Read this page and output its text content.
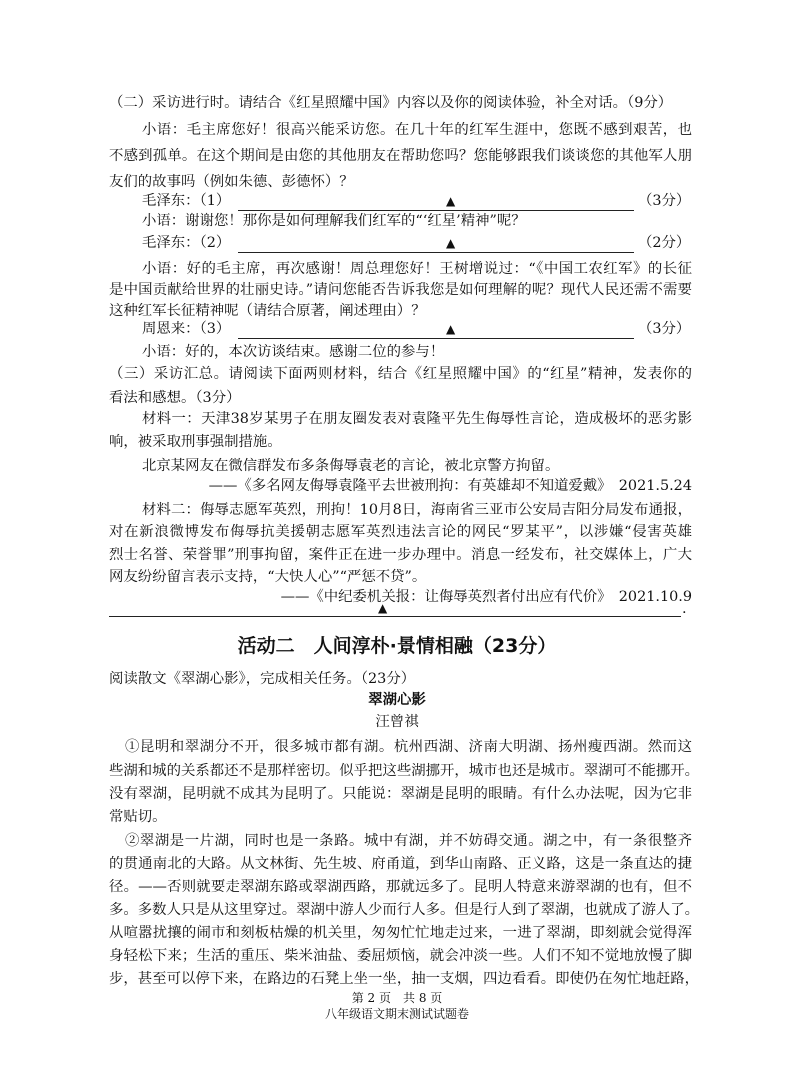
（二）采访进行时。请结合《红星照耀中国》内容以及你的阅读体验，补全对话。（9分）
小语：毛主席您好！很高兴能采访您。在几十年的红军生涯中，您既不感到艰苦，也
不感到孤单。在这个期间是由您的其他朋友在帮助您吗？您能够跟我们谈谈您的其他军人朋
友们的故事吗（例如朱德、彭德怀）？
毛泽东：（1）	▲	（3分）
小语：谢谢您！那你是如何理解我们红军的“‘红星’精神”呢？
毛泽东：（2）	▲	（2分）
小语：好的毛主席，再次感谢！周总理您好！王树增说过：“《中国工农红军》的长征
是中国贡献给世界的壮丽史诗。”请问您能否告诉我您是如何理解的呢？现代人民还需不需要
这种红军长征精神呢（请结合原著，阐述理由）？
周恩来：（3）	▲	（3分）
小语：好的，本次访谈结束。感谢二位的参与！
（三）采访汇总。请阅读下面两则材料，结合《红星照耀中国》的“红星”精神，发表你的
看法和感想。（3分）
材料一：天津38岁某男子在朋友圈发表对袁隆平先生侮辱性言论，造成极坏的恶劣影
响，被采取刑事强制措施。
北京某网友在微信群发布多条侮辱袁老的言论，被北京警方拘留。
——《多名网友侮辱袁隆平去世被刑拘：有英雄却不知道爱戴》　2021.5.24
材料二：侮辱志愿军英烈，刑拘！10月8日，海南省三亚市公安局吉阳分局发布通报，
对在新浪微博发布侮辱抗美援朝志愿军英烈违法言论的网民“罗某平”，以涉嫌“侵害英雄
烈士名誉、荣誉罪”刑事拘留，案件正在进一步办理中。消息一经发布，社交媒体上，广大
网友纷纷留言表示支持，“大快人心”“严惩不贷”。
——《中纪委机关报：让侮辱英烈者付出应有代价》　2021.10.9
▲	.
活动二　人间淳朴·景情相融（23分）
阅读散文《翠湖心影》，完成相关任务。（23分）
翠湖心影
汪曾祺
①昆明和翠湖分不开，很多城市都有湖。杭州西湖、济南大明湖、扬州瘦西湖。然而这
些湖和城的关系都还不是那样密切。似乎把这些湖挪开，城市也还是城市。翠湖可不能挪开。
没有翠湖，昆明就不成其为昆明了。只能说：翠湖是昆明的眼睛。有什么办法呢，因为它非
常贴切。
②翠湖是一片湖，同时也是一条路。城中有湖，并不妨碍交通。湖之中，有一条很整齐
的贯通南北的大路。从文林街、先生坡、府甬道，到华山南路、正义路，这是一条直达的捷
径。——否则就要走翠湖东路或翠湖西路，那就远多了。昆明人特意来游翠湖的也有，但不
多。多数人只是从这里穿过。翠湖中游人少而行人多。但是行人到了翠湖，也就成了游人了。
从喧嚣扰攘的闹市和刻板枯燥的机关里，匆匆忙忙地走过来，一进了翠湖，即刻就会觉得浑
身轻松下来；生活的重压、柴米油盐、委屈烦恼，就会冲淡一些。人们不知不觉地放慢了脚
步，甚至可以停下来，在路边的石凳上坐一坐，抽一支烟，四边看看。即使仍在匆忙地赶路，
第 2 页　共 8 页
八年级语文期末测试试题卷
